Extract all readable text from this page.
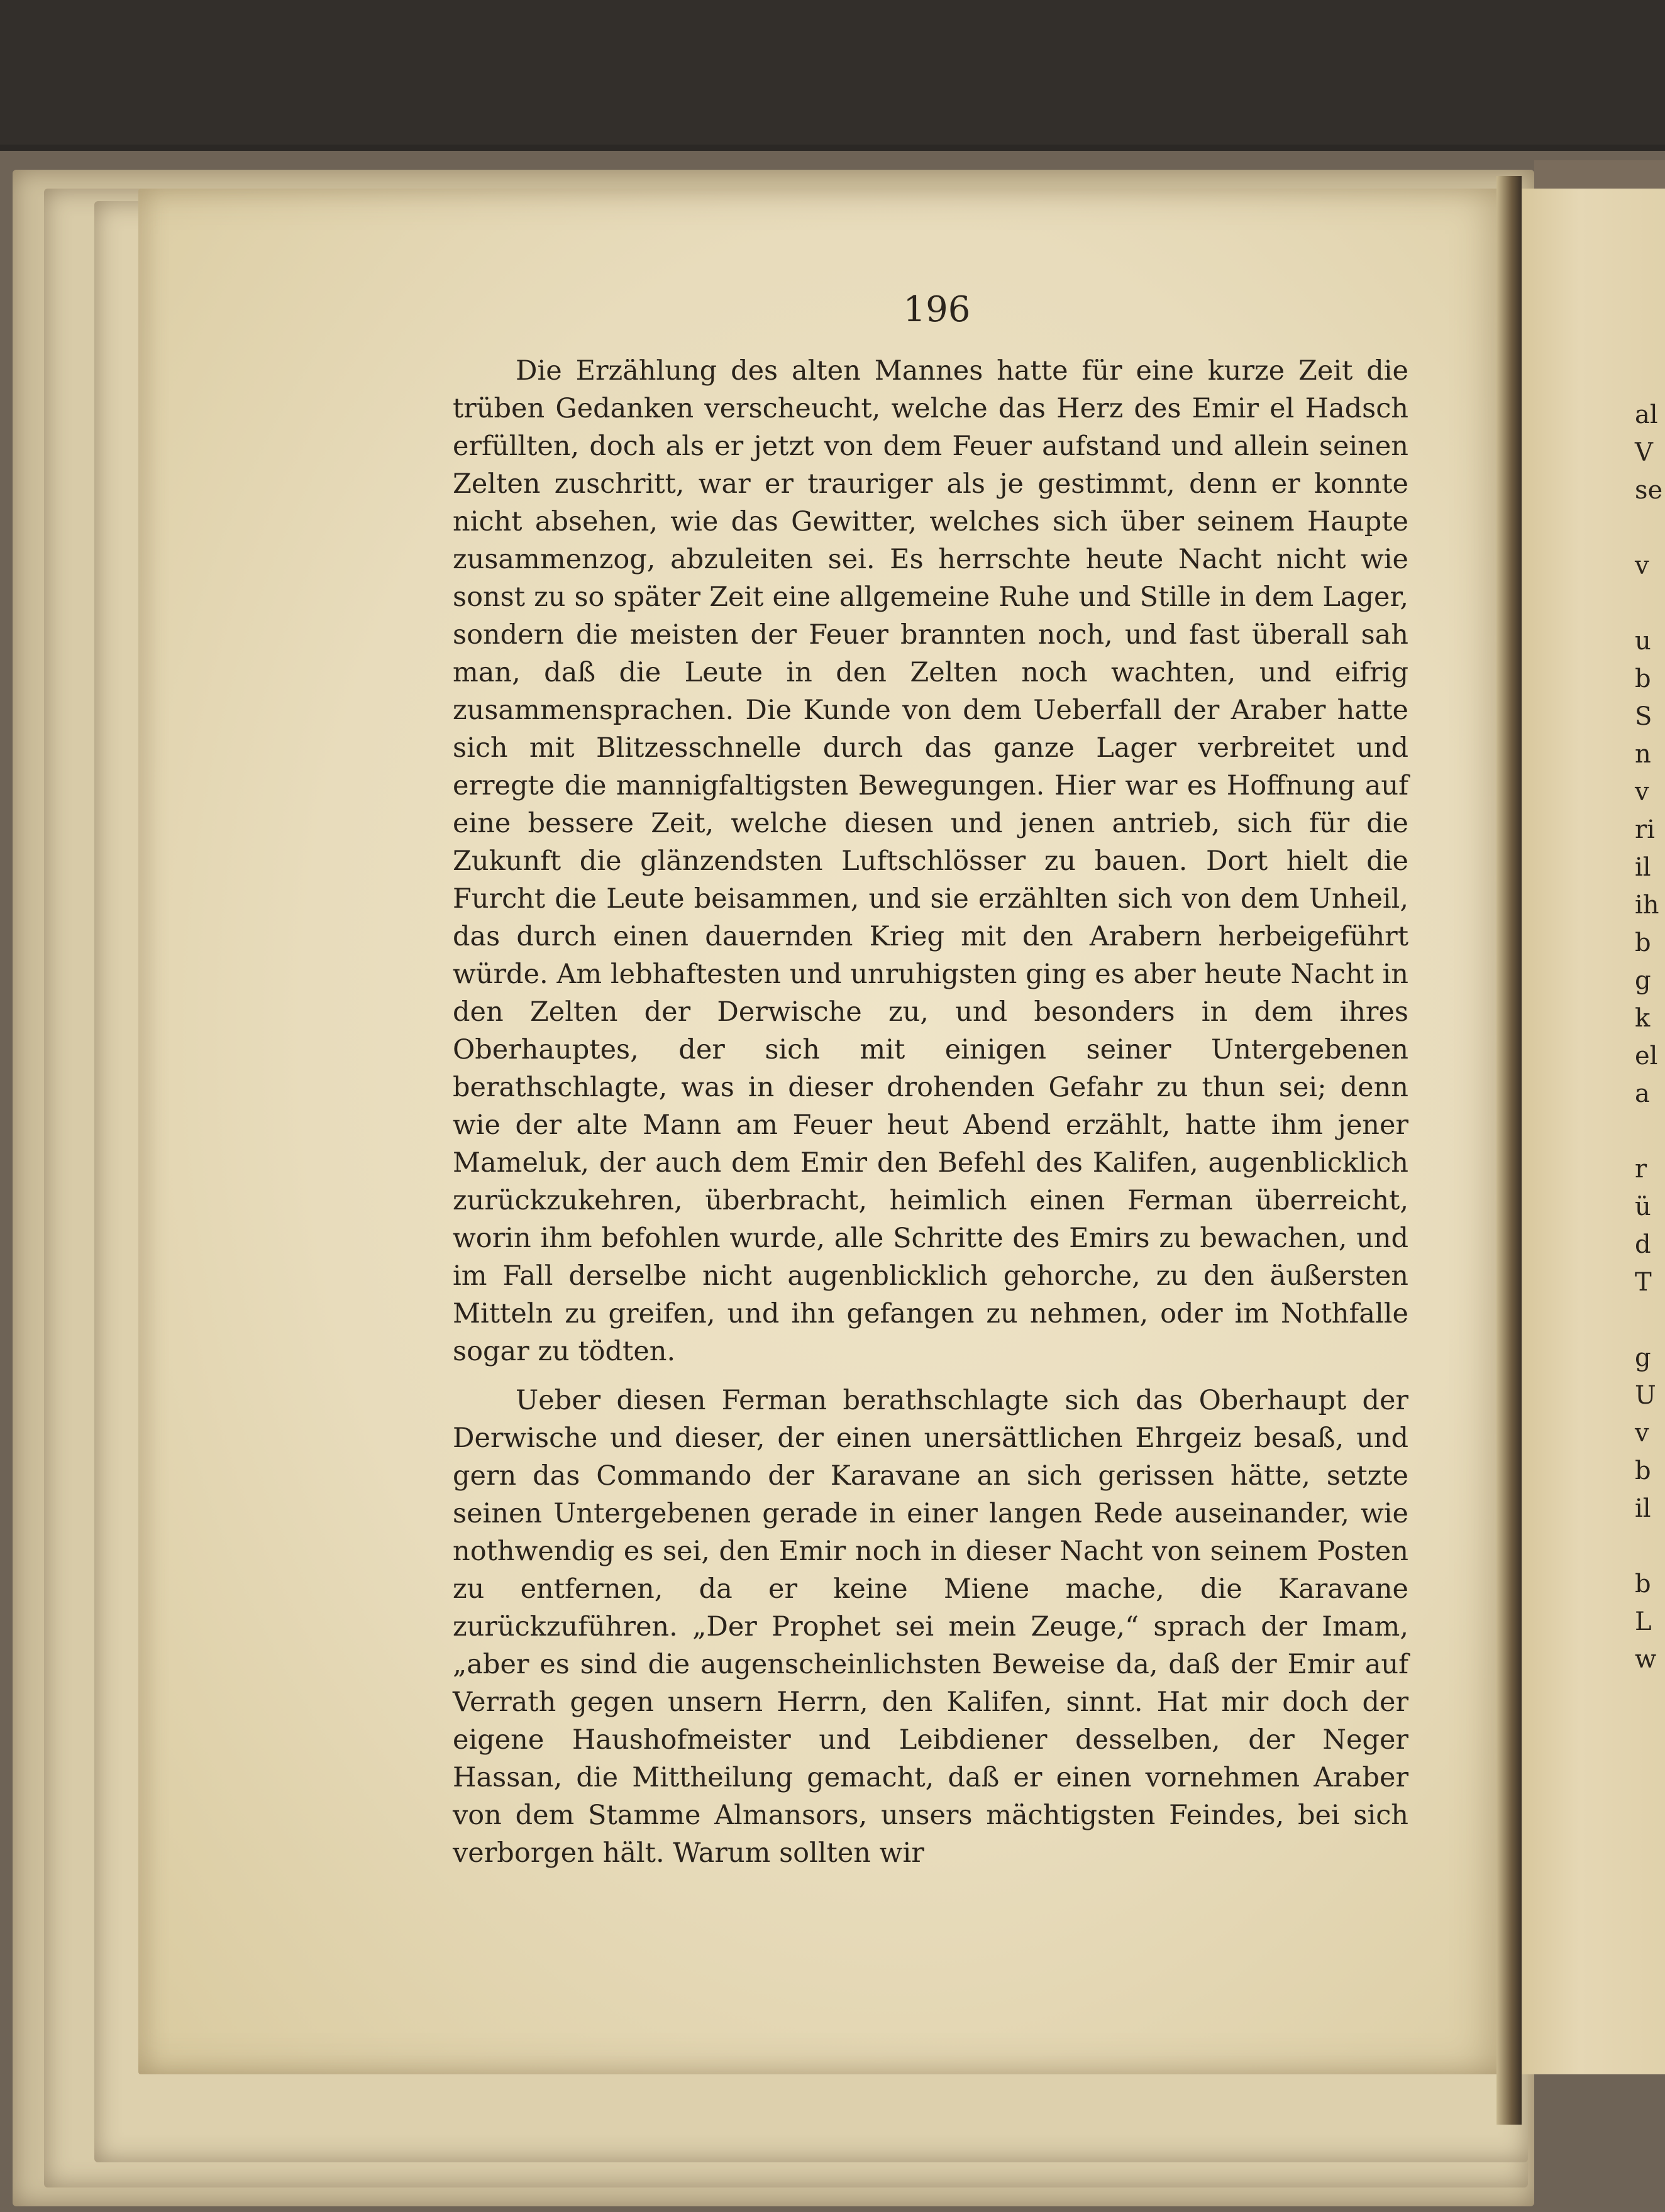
196

Die Erzählung des alten Mannes hatte für eine kurze Zeit die trüben Gedanken verscheucht, welche das Herz des Emir el Hadsch erfüllten, doch als er jetzt von dem Feuer aufstand und allein seinen Zelten zuschritt, war er trauriger als je gestimmt, denn er konnte nicht absehen, wie das Gewitter, welches sich über seinem Haupte zusammenzog, abzuleiten sei. Es herrschte heute Nacht nicht wie sonst zu so später Zeit eine allgemeine Ruhe und Stille in dem Lager, sondern die meisten der Feuer brannten noch, und fast überall sah man, daß die Leute in den Zelten noch wachten, und eifrig zusammensprachen. Die Kunde von dem Ueberfall der Araber hatte sich mit Blitzesschnelle durch das ganze Lager verbreitet und erregte die mannigfaltigsten Bewegungen. Hier war es Hoffnung auf eine bessere Zeit, welche diesen und jenen antrieb, sich für die Zukunft die glänzendsten Luftschlösser zu bauen. Dort hielt die Furcht die Leute beisammen, und sie erzählten sich von dem Unheil, das durch einen dauernden Krieg mit den Arabern herbeigeführt würde. Am lebhaftesten und unruhigsten ging es aber heute Nacht in den Zelten der Derwische zu, und besonders in dem ihres Oberhauptes, der sich mit einigen seiner Untergebenen berathschlagte, was in dieser drohenden Gefahr zu thun sei; denn wie der alte Mann am Feuer heut Abend erzählt, hatte ihm jener Mameluk, der auch dem Emir den Befehl des Kalifen, augenblicklich zurückzukehren, überbracht, heimlich einen Ferman überreicht, worin ihm befohlen wurde, alle Schritte des Emirs zu bewachen, und im Fall derselbe nicht augenblicklich gehorche, zu den äußersten Mitteln zu greifen, und ihn gefangen zu nehmen, oder im Nothfalle sogar zu tödten.

Ueber diesen Ferman berathschlagte sich das Oberhaupt der Derwische und dieser, der einen unersättlichen Ehrgeiz besaß, und gern das Commando der Karavane an sich gerissen hätte, setzte seinen Untergebenen gerade in einer langen Rede auseinander, wie nothwendig es sei, den Emir noch in dieser Nacht von seinem Posten zu entfernen, da er keine Miene mache, die Karavane zurückzuführen. „Der Prophet sei mein Zeuge,“ sprach der Imam, „aber es sind die augenscheinlichsten Beweise da, daß der Emir auf Verrath gegen unsern Herrn, den Kalifen, sinnt. Hat mir doch der eigene Haushofmeister und Leibdiener desselben, der Neger Hassan, die Mittheilung gemacht, daß er einen vornehmen Araber von dem Stamme Almansors, unsers mächtigsten Feindes, bei sich verborgen hält. Warum sollten wir

al
V
se
v
u
b
S
n
v
ri
il
ih
b
g
k
el
a
r
ü
d
T
g
U
v
b
il
b
L
w
